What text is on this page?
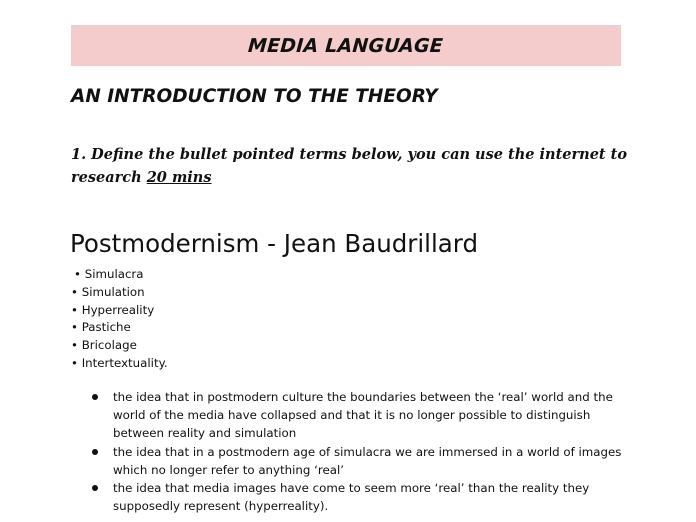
MEDIA LANGUAGE
AN INTRODUCTION TO THE THEORY
1. Define the bullet pointed terms below, you can use the internet to research 20 mins
Postmodernism - Jean Baudrillard
• Simulacra
• Simulation
• Hyperreality
• Pastiche
• Bricolage
• Intertextuality.
the idea that in postmodern culture the boundaries between the ‘real’ world and the world of the media have collapsed and that it is no longer possible to distinguish between reality and simulation
the idea that in a postmodern age of simulacra we are immersed in a world of images which no longer refer to anything ‘real’
the idea that media images have come to seem more ‘real’ than the reality they supposedly represent (hyperreality).
